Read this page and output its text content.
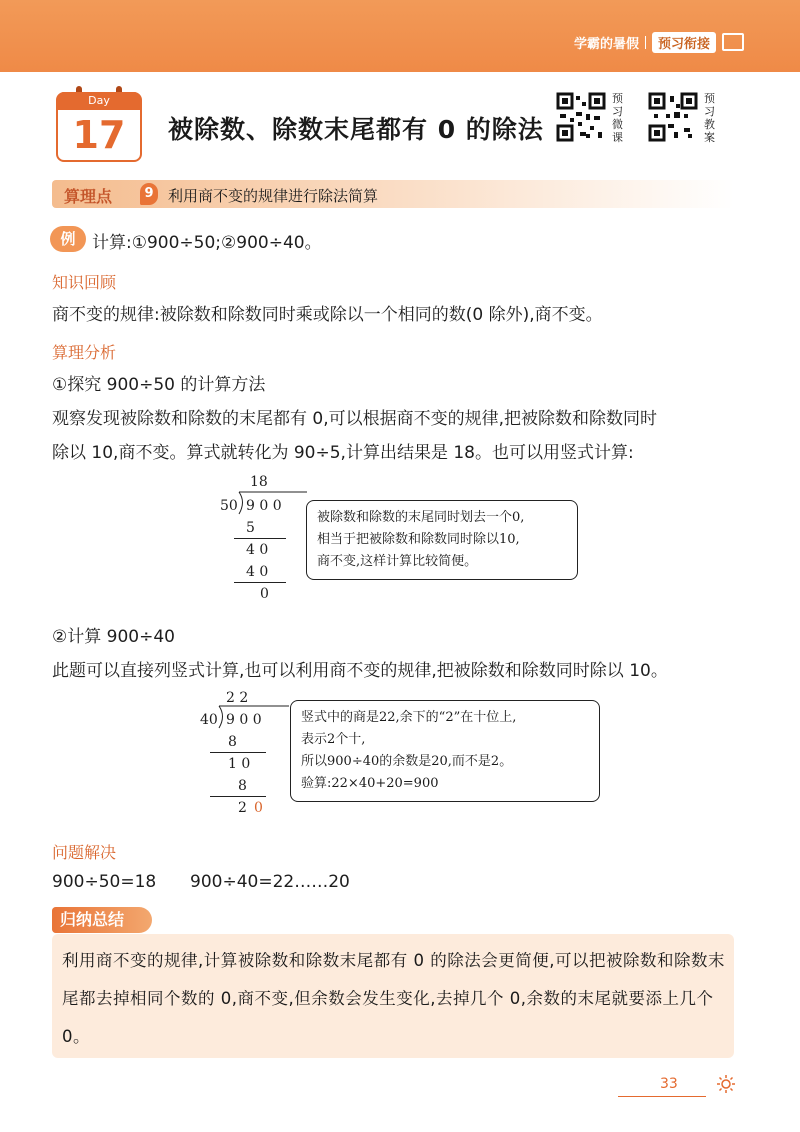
学霸的暑假	预习衔接
Day
17	被除数、除数末尾都有 0 的除法
预习微课
预习教案
算理点	9 利用商不变的规律进行除法简算
例 计算:①900÷50;②900÷40。
知识回顾
商不变的规律:被除数和除数同时乘或除以一个相同的数(0 除外),商不变。
算理分析
①探究 900÷50 的计算方法
观察发现被除数和除数的末尾都有 0,可以根据商不变的规律,把被除数和除数同时
除以 10,商不变。算式就转化为 90÷5,计算出结果是 18。也可以用竖式计算:
18
50 9 0 0
5
4 0
4 0
0
被除数和除数的末尾同时划去一个0,
相当于把被除数和除数同时除以10,
商不变,这样计算比较简便。
②计算 900÷40
此题可以直接列竖式计算,也可以利用商不变的规律,把被除数和除数同时除以 10。
2 2
40 9 0 0
8
1 0
8
2 0
竖式中的商是22,余下的“2”在十位上,
表示2个十,
所以900÷40的余数是20,而不是2。
验算:22×40+20=900
问题解决
900÷50=18 900÷40=22……20

利用商不变的规律,计算被除数和除数末尾都有 0 的除法会更简便,可以把被除数和除数末尾都去掉相同个数的 0,商不变,但余数会发生变化,去掉几个 0,余数的末尾就要添上几个 0。

归纳总结
33
